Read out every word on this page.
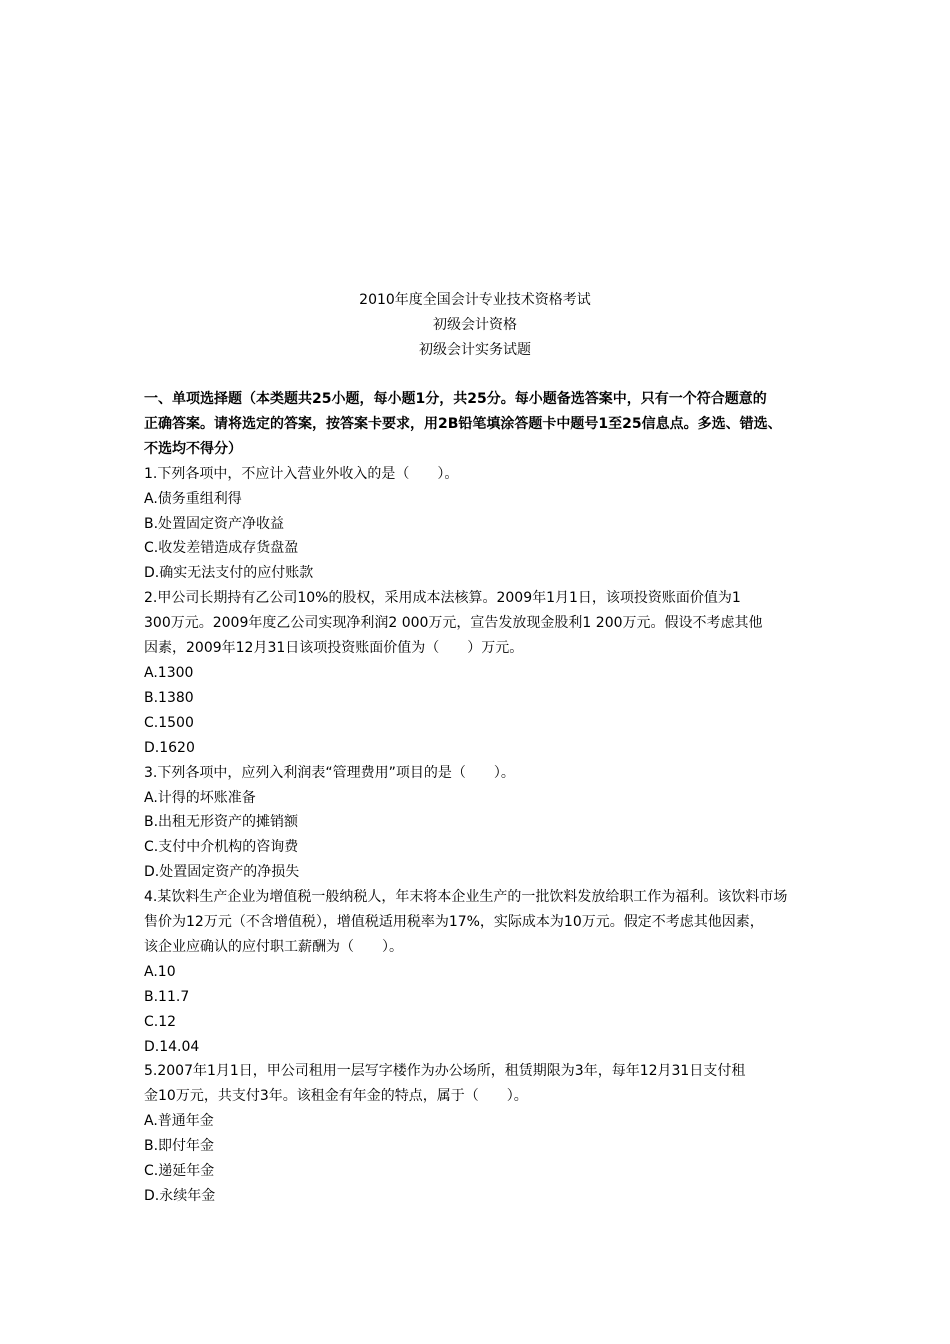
2010年度全国会计专业技术资格考试
初级会计资格
初级会计实务试题
一、单项选择题（本类题共25小题，每小题1分，共25分。每小题备选答案中，只有一个符合题意的
正确答案。请将选定的答案，按答案卡要求，用2B铅笔填涂答题卡中题号1至25信息点。多选、错选、
不选均不得分）
1.下列各项中，不应计入营业外收入的是（　　）。
A.债务重组利得
B.处置固定资产净收益
C.收发差错造成存货盘盈
D.确实无法支付的应付账款
2.甲公司长期持有乙公司10%的股权，采用成本法核算。2009年1月1日，该项投资账面价值为1
300万元。2009年度乙公司实现净利润2 000万元，宣告发放现金股利1 200万元。假设不考虑其他
因素，2009年12月31日该项投资账面价值为（　　）万元。
A.1300
B.1380
C.1500
D.1620
3.下列各项中，应列入利润表“管理费用”项目的是（　　）。
A.计得的坏账准备
B.出租无形资产的摊销额
C.支付中介机构的咨询费
D.处置固定资产的净损失
4.某饮料生产企业为增值税一般纳税人，年末将本企业生产的一批饮料发放给职工作为福利。该饮料市场
售价为12万元（不含增值税），增值税适用税率为17%，实际成本为10万元。假定不考虑其他因素，
该企业应确认的应付职工薪酬为（　　）。
A.10
B.11.7
C.12
D.14.04
5.2007年1月1日，甲公司租用一层写字楼作为办公场所，租赁期限为3年，每年12月31日支付租
金10万元，共支付3年。该租金有年金的特点，属于（　　）。
A.普通年金
B.即付年金
C.递延年金
D.永续年金
